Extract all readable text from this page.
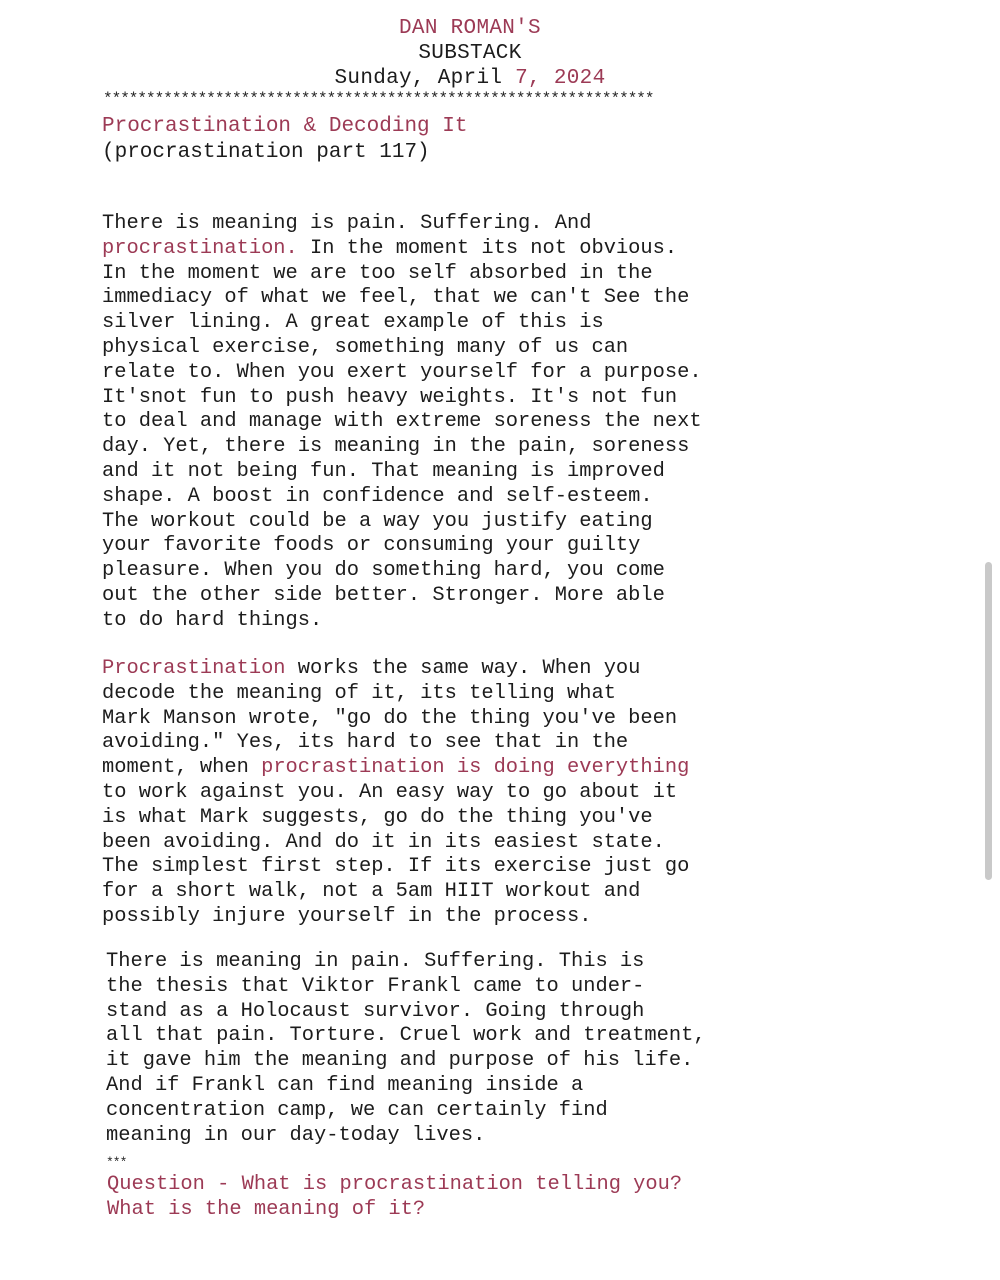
DAN ROMAN'S
SUBSTACK
Sunday, April 7, 2024
****************************************************************
Procrastination & Decoding It
(procrastination part 117)
There is meaning is pain. Suffering. And
procrastination. In the moment its not obvious.
In the moment we are too self absorbed in the
immediacy of what we feel, that we can't See the
silver lining. A great example of this is
physical exercise, something many of us can
relate to. When you exert yourself for a purpose.
It'snot fun to push heavy weights. It's not fun
to deal and manage with extreme soreness the next
day. Yet, there is meaning in the pain, soreness
and it not being fun. That meaning is improved
shape. A boost in confidence and self-esteem.
The workout could be a way you justify eating
your favorite foods or consuming your guilty
pleasure. When you do something hard, you come
out the other side better. Stronger. More able
to do hard things.
Procrastination works the same way. When you
decode the meaning of it, its telling what
Mark Manson wrote, "go do the thing you've been
avoiding." Yes, its hard to see that in the
moment, when procrastination is doing everything
to work against you. An easy way to go about it
is what Mark suggests, go do the thing you've
been avoiding. And do it in its easiest state.
The simplest first step. If its exercise just go
for a short walk, not a 5am HIIT workout and
possibly injure yourself in the process.
There is meaning in pain. Suffering. This is
the thesis that Viktor Frankl came to under-
stand as a Holocaust survivor. Going through
all that pain. Torture. Cruel work and treatment,
it gave him the meaning and purpose of his life.
And if Frankl can find meaning inside a
concentration camp, we can certainly find
meaning in our day-today lives.
***
Question - What is procrastination telling you?
What is the meaning of it?
